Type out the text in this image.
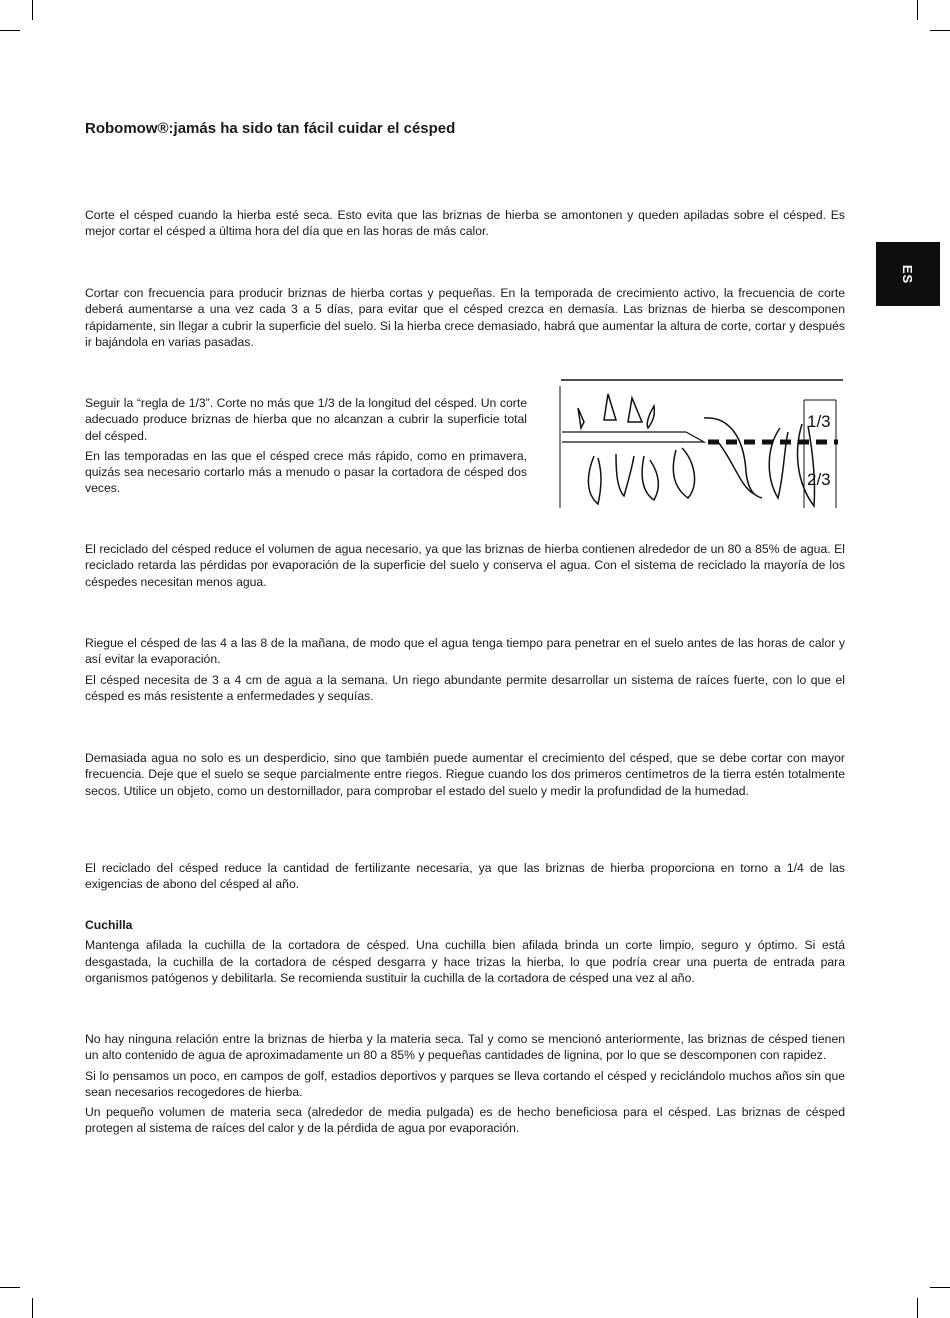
Robomow®:jamás ha sido tan fácil cuidar el césped
ES

Corte el césped cuando la hierba esté seca. Esto evita que las briznas de hierba se amontonen y queden apiladas sobre el césped. Es mejor cortar el césped a última hora del día que en las horas de más calor.

Cortar con frecuencia para producir briznas de hierba cortas y pequeñas. En la temporada de crecimiento activo, la frecuencia de corte deberá aumentarse a una vez cada 3 a 5 días, para evitar que el césped crezca en demasía. Las briznas de hierba se descomponen rápidamente, sin llegar a cubrir la superficie del suelo. Si la hierba crece demasiado, habrá que aumentar la altura de corte, cortar y después ir bajándola en varias pasadas.

Seguir la “regla de 1/3”. Corte no más que 1/3 de la longitud del césped. Un corte adecuado produce briznas de hierba que no alcanzan a cubrir la superficie total del césped.

En las temporadas en las que el césped crece más rápido, como en primavera, quizás sea necesario cortarlo más a menudo o pasar la cortadora de césped dos veces.

1/3
2/3

El reciclado del césped reduce el volumen de agua necesario, ya que las briznas de hierba contienen alrededor de un 80 a 85% de agua. El reciclado retarda las pérdidas por evaporación de la superficie del suelo y conserva el agua. Con el sistema de reciclado la mayoría de los céspedes necesitan menos agua.

Riegue el césped de las 4 a las 8 de la mañana, de modo que el agua tenga tiempo para penetrar en el suelo antes de las horas de calor y así evitar la evaporación.

El césped necesita de 3 a 4 cm de agua a la semana. Un riego abundante permite desarrollar un sistema de raíces fuerte, con lo que el césped es más resistente a enfermedades y sequías.

Demasiada agua no solo es un desperdicio, sino que también puede aumentar el crecimiento del césped, que se debe cortar con mayor frecuencia. Deje que el suelo se seque parcialmente entre riegos. Riegue cuando los dos primeros centímetros de la tierra estén totalmente secos. Utilice un objeto, como un destornillador, para comprobar el estado del suelo y medir la profundidad de la humedad.

El reciclado del césped reduce la cantidad de fertilizante necesaria, ya que las briznas de hierba proporciona en torno a 1/4 de las exigencias de abono del césped al año.

Cuchilla

Mantenga afilada la cuchilla de la cortadora de césped. Una cuchilla bien afilada brinda un corte limpio, seguro y óptimo. Si está desgastada, la cuchilla de la cortadora de césped desgarra y hace trizas la hierba, lo que podría crear una puerta de entrada para organismos patógenos y debilitarla. Se recomienda sustituir la cuchilla de la cortadora de césped una vez al año.

No hay ninguna relación entre la briznas de hierba y la materia seca. Tal y como se mencionó anteriormente, las briznas de césped tienen un alto contenido de agua de aproximadamente un 80 a 85% y pequeñas cantidades de lignina, por lo que se descomponen con rapidez.

Si lo pensamos un poco, en campos de golf, estadios deportivos y parques se lleva cortando el césped y reciclándolo muchos años sin que sean necesarios recogedores de hierba.

Un pequeño volumen de materia seca (alrededor de media pulgada) es de hecho beneficiosa para el césped. Las briznas de césped protegen al sistema de raíces del calor y de la pérdida de agua por evaporación.
